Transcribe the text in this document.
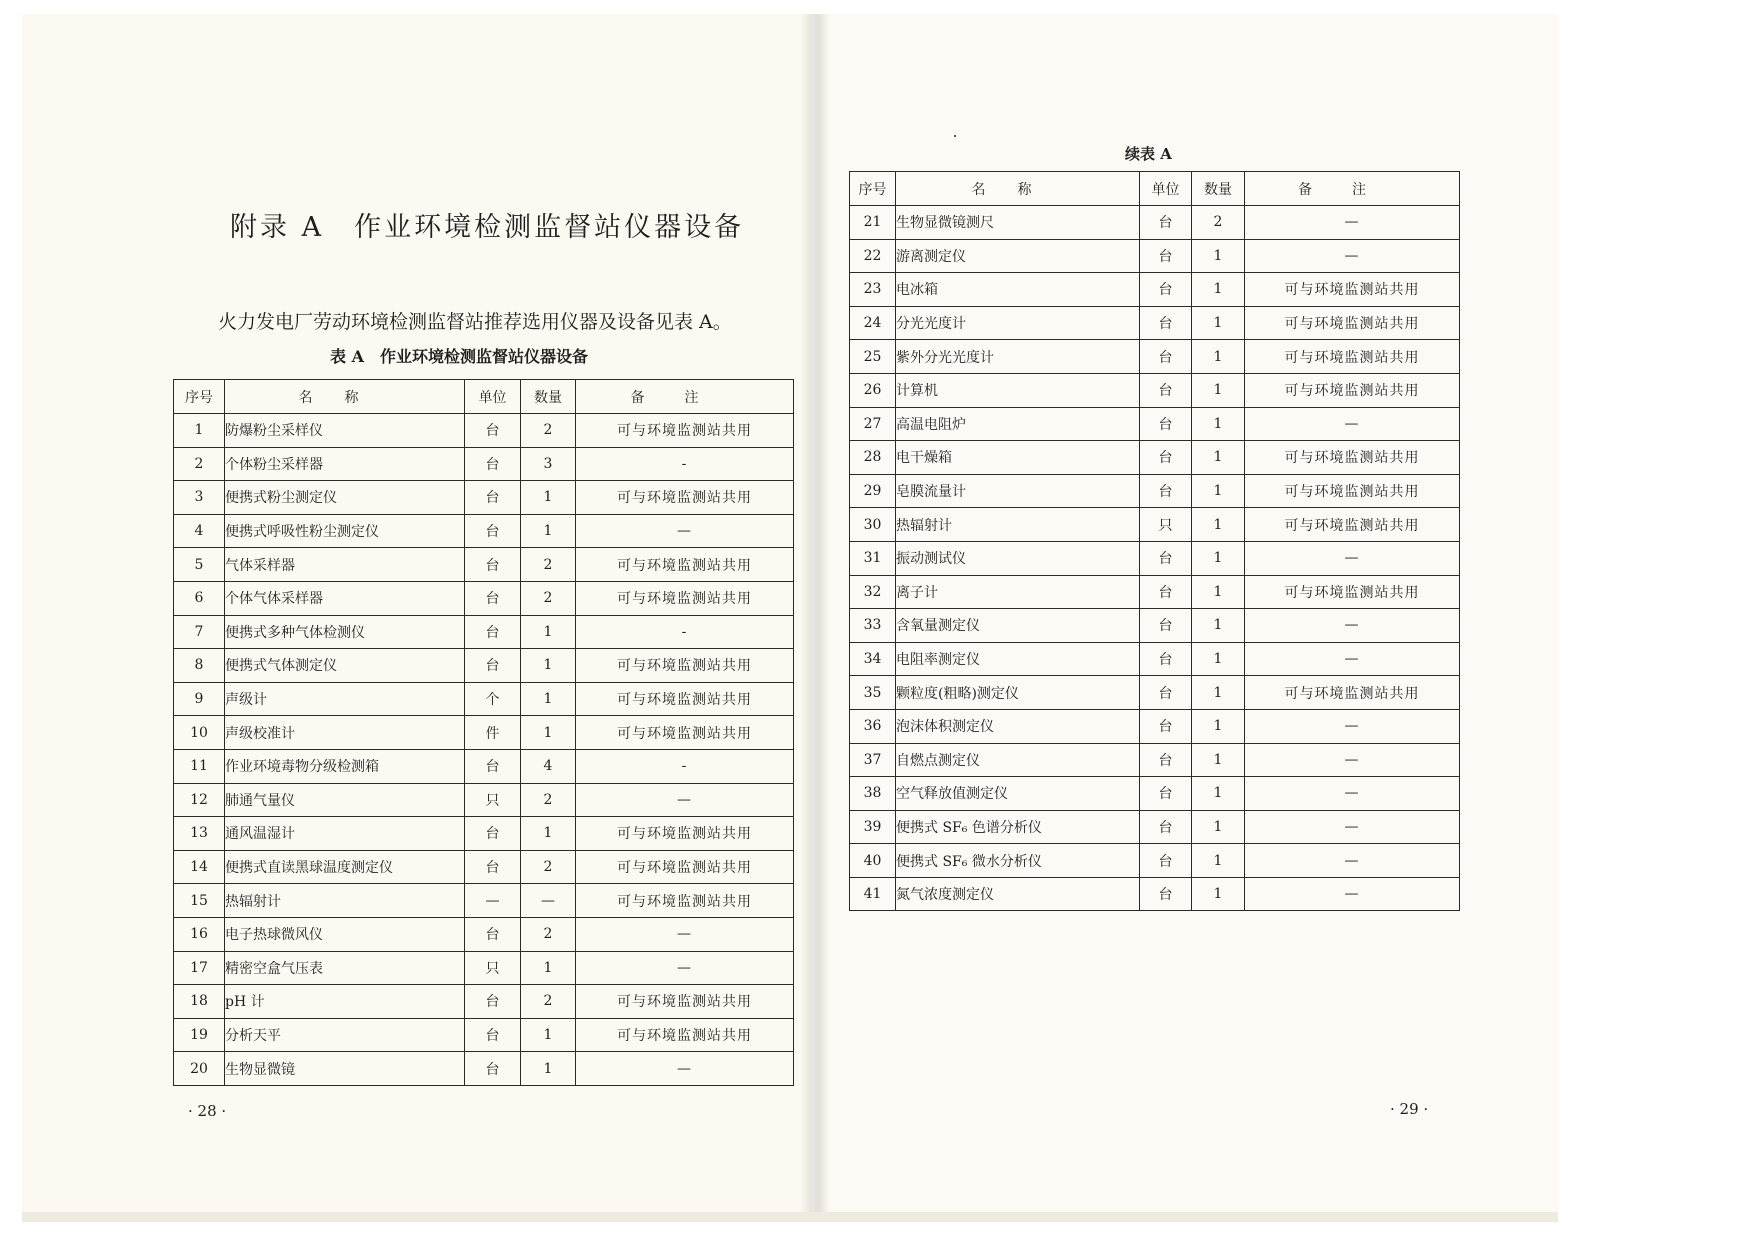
附录 A　作业环境检测监督站仪器设备
火力发电厂劳动环境检测监督站推荐选用仪器及设备见表 A。
表 A　作业环境检测监督站仪器设备
序号	名称	单位	数量	备注
1	防爆粉尘采样仪	台	2	可与环境监测站共用
2	个体粉尘采样器	台	3	-
3	便携式粉尘测定仪	台	1	可与环境监测站共用
4	便携式呼吸性粉尘测定仪	台	1	—
5	气体采样器	台	2	可与环境监测站共用
6	个体气体采样器	台	2	可与环境监测站共用
7	便携式多种气体检测仪	台	1	-
8	便携式气体测定仪	台	1	可与环境监测站共用
9	声级计	个	1	可与环境监测站共用
10	声级校准计	件	1	可与环境监测站共用
11	作业环境毒物分级检测箱	台	4	-
12	肺通气量仪	只	2	—
13	通风温湿计	台	1	可与环境监测站共用
14	便携式直读黑球温度测定仪	台	2	可与环境监测站共用
15	热辐射计	—	—	可与环境监测站共用
16	电子热球微风仪	台	2	—
17	精密空盒气压表	只	1	—
18	pH 计	台	2	可与环境监测站共用
19	分析天平	台	1	可与环境监测站共用
20	生物显微镜	台	1	—
· 28 ·
续表 A
序号	名称	单位	数量	备注
21	生物显微镜测尺	台	2	—
22	游离测定仪	台	1	—
23	电冰箱	台	1	可与环境监测站共用
24	分光光度计	台	1	可与环境监测站共用
25	紫外分光光度计	台	1	可与环境监测站共用
26	计算机	台	1	可与环境监测站共用
27	高温电阻炉	台	1	—
28	电干燥箱	台	1	可与环境监测站共用
29	皂膜流量计	台	1	可与环境监测站共用
30	热辐射计	只	1	可与环境监测站共用
31	振动测试仪	台	1	—
32	离子计	台	1	可与环境监测站共用
33	含氧量测定仪	台	1	—
34	电阻率测定仪	台	1	—
35	颗粒度(粗略)测定仪	台	1	可与环境监测站共用
36	泡沫体积测定仪	台	1	—
37	自燃点测定仪	台	1	—
38	空气释放值测定仪	台	1	—
39	便携式 SF₆ 色谱分析仪	台	1	—
40	便携式 SF₆ 微水分析仪	台	1	—
41	氮气浓度测定仪	台	1	—
· 29 ·
